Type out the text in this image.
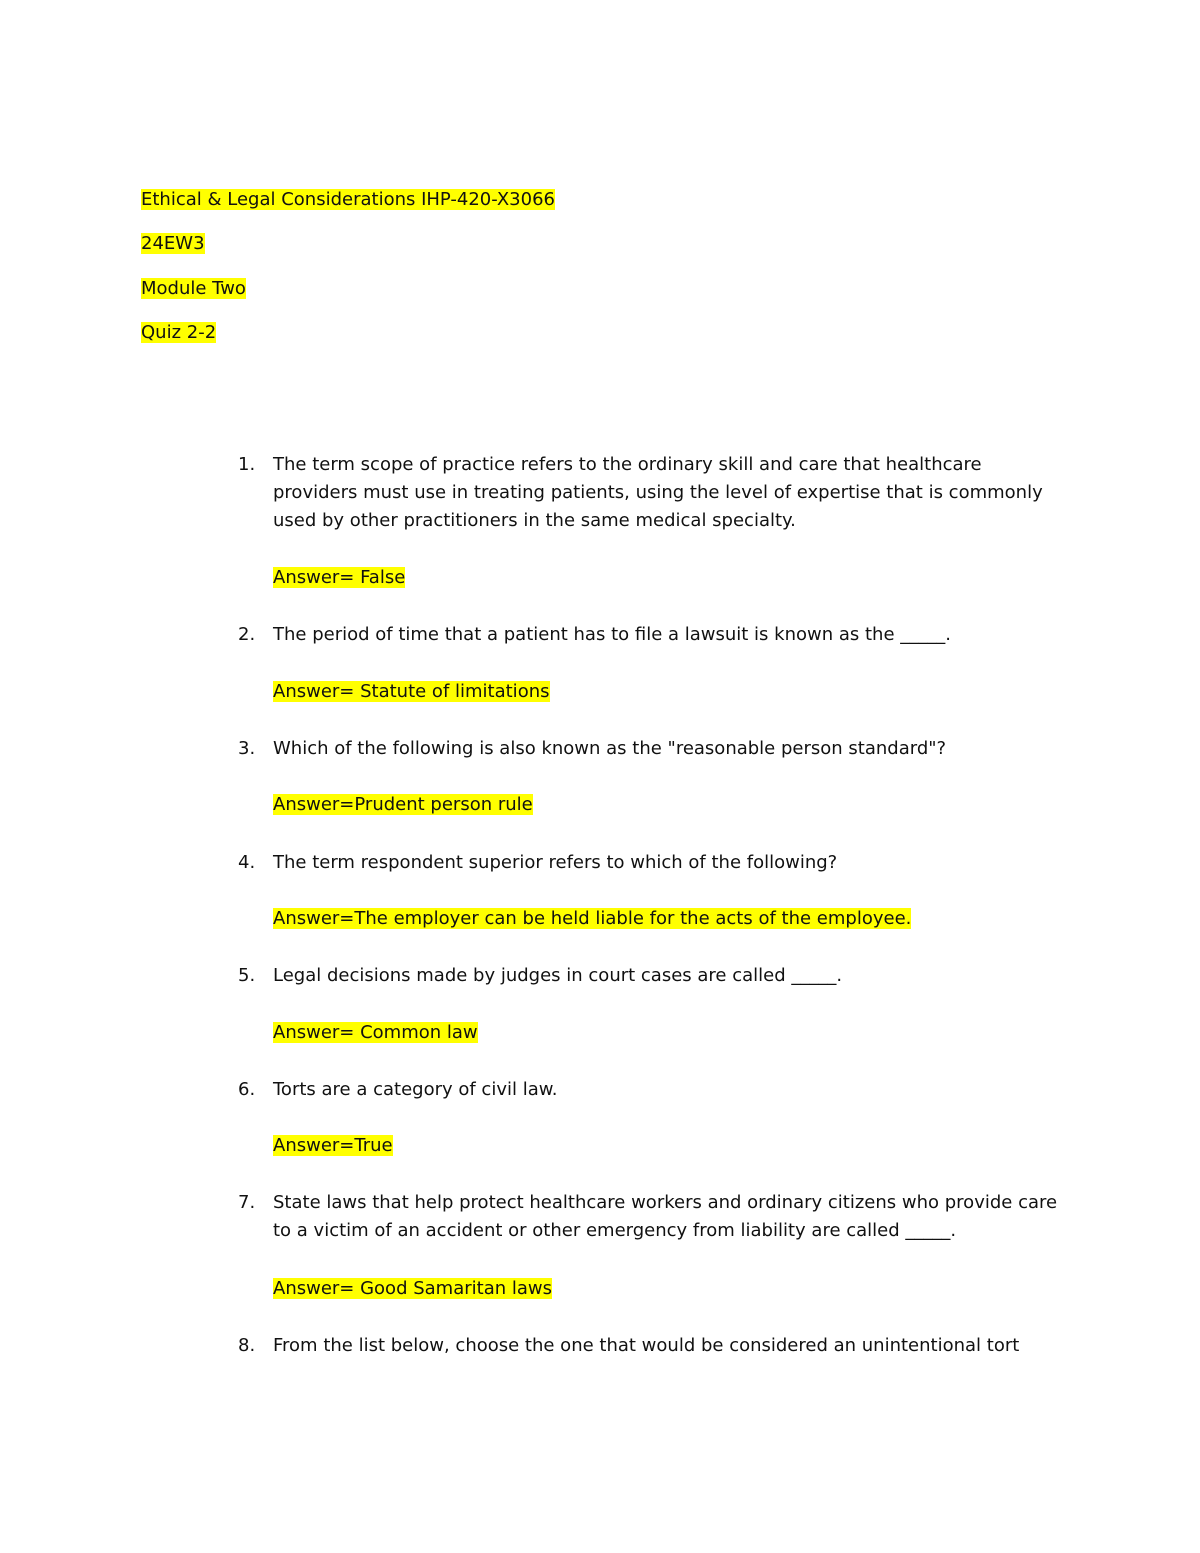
Ethical & Legal Considerations IHP-420-X3066
24EW3
Module Two
Quiz 2-2
1. The term scope of practice refers to the ordinary skill and care that healthcare providers must use in treating patients, using the level of expertise that is commonly used by other practitioners in the same medical specialty.
Answer= False
2. The period of time that a patient has to file a lawsuit is known as the _____.
Answer= Statute of limitations
3. Which of the following is also known as the "reasonable person standard"?
Answer=Prudent person rule
4. The term respondent superior refers to which of the following?
Answer=The employer can be held liable for the acts of the employee.
5. Legal decisions made by judges in court cases are called _____.
Answer= Common law
6. Torts are a category of civil law.
Answer=True
7. State laws that help protect healthcare workers and ordinary citizens who provide care to a victim of an accident or other emergency from liability are called _____.
Answer= Good Samaritan laws
8. From the list below, choose the one that would be considered an unintentional tort
